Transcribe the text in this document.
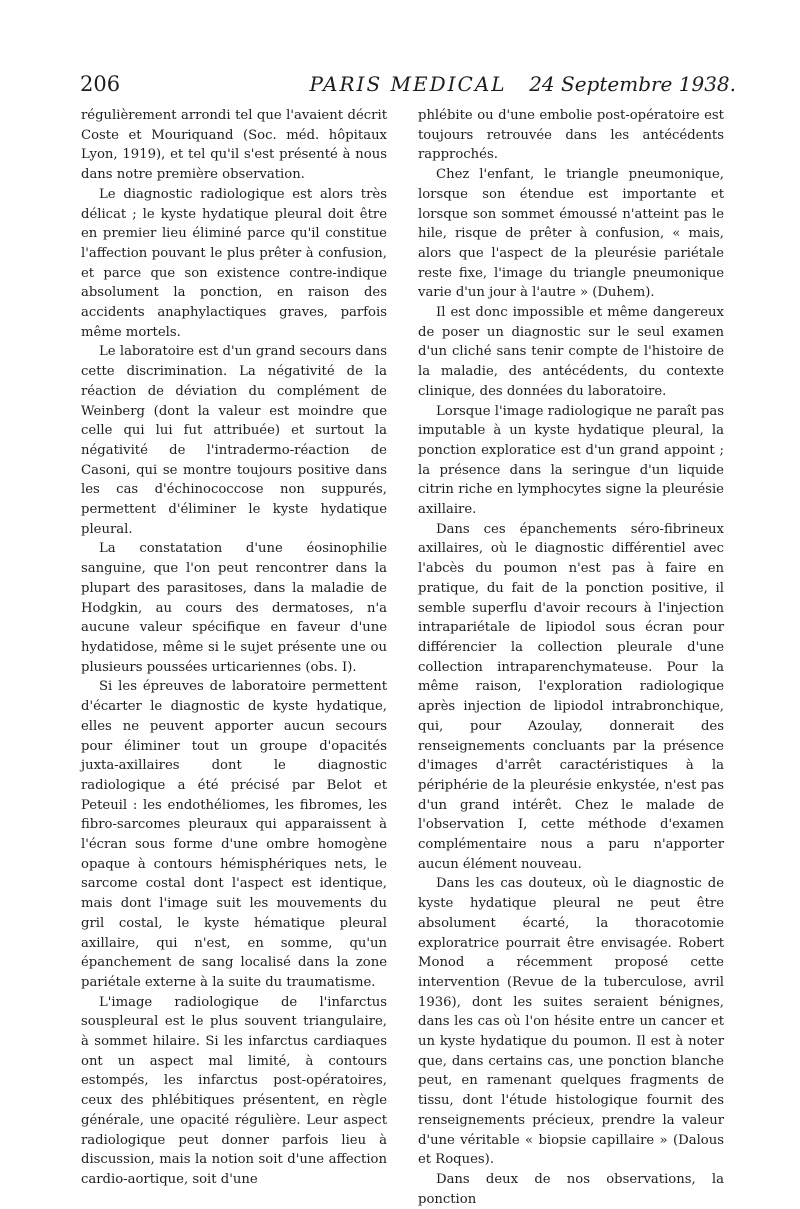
206	PARIS MEDICAL	24 Septembre 1938.

régulièrement arrondi tel que l'avaient décrit Coste et Mouriquand (Soc. méd. hôpitaux Lyon, 1919), et tel qu'il s'est présenté à nous dans notre première observation.

Le diagnostic radiologique est alors très délicat ; le kyste hydatique pleural doit être en premier lieu éliminé parce qu'il constitue l'affection pouvant le plus prêter à confusion, et parce que son existence contre-indique absolument la ponction, en raison des accidents anaphylactiques graves, parfois même mortels.

Le laboratoire est d'un grand secours dans cette discrimination. La négativité de la réaction de déviation du complément de Weinberg (dont la valeur est moindre que celle qui lui fut attribuée) et surtout la négativité de l'intradermo-réaction de Casoni, qui se montre toujours positive dans les cas d'échinococcose non suppurés, permettent d'éliminer le kyste hydatique pleural.

La constatation d'une éosinophilie sanguine, que l'on peut rencontrer dans la plupart des parasitoses, dans la maladie de Hodgkin, au cours des dermatoses, n'a aucune valeur spécifique en faveur d'une hydatidose, même si le sujet présente une ou plusieurs poussées urticariennes (obs. I).

Si les épreuves de laboratoire permettent d'écarter le diagnostic de kyste hydatique, elles ne peuvent apporter aucun secours pour éliminer tout un groupe d'opacités juxta-axillaires dont le diagnostic radiologique a été précisé par Belot et Peteuil : les endothéliomes, les fibromes, les fibro-sarcomes pleuraux qui apparaissent à l'écran sous forme d'une ombre homogène opaque à contours hémisphériques nets, le sarcome costal dont l'aspect est identique, mais dont l'image suit les mouvements du gril costal, le kyste hématique pleural axillaire, qui n'est, en somme, qu'un épanchement de sang localisé dans la zone pariétale externe à la suite du traumatisme.

L'image radiologique de l'infarctus souspleural est le plus souvent triangulaire, à sommet hilaire. Si les infarctus cardiaques ont un aspect mal limité, à contours estompés, les infarctus post-opératoires, ceux des phlébitiques présentent, en règle générale, une opacité régulière. Leur aspect radiologique peut donner parfois lieu à discussion, mais la notion soit d'une affection cardio-aortique, soit d'une

phlébite ou d'une embolie post-opératoire est toujours retrouvée dans les antécédents rapprochés.

Chez l'enfant, le triangle pneumonique, lorsque son étendue est importante et lorsque son sommet émoussé n'atteint pas le hile, risque de prêter à confusion, « mais, alors que l'aspect de la pleurésie pariétale reste fixe, l'image du triangle pneumonique varie d'un jour à l'autre » (Duhem).

Il est donc impossible et même dangereux de poser un diagnostic sur le seul examen d'un cliché sans tenir compte de l'histoire de la maladie, des antécédents, du contexte clinique, des données du laboratoire.

Lorsque l'image radiologique ne paraît pas imputable à un kyste hydatique pleural, la ponction exploratice est d'un grand appoint ; la présence dans la seringue d'un liquide citrin riche en lymphocytes signe la pleurésie axillaire.

Dans ces épanchements séro-fibrineux axillaires, où le diagnostic différentiel avec l'abcès du poumon n'est pas à faire en pratique, du fait de la ponction positive, il semble superflu d'avoir recours à l'injection intrapariétale de lipiodol sous écran pour différencier la collection pleurale d'une collection intraparenchymateuse. Pour la même raison, l'exploration radiologique après injection de lipiodol intrabronchique, qui, pour Azoulay, donnerait des renseignements concluants par la présence d'images d'arrêt caractéristiques à la périphérie de la pleurésie enkystée, n'est pas d'un grand intérêt. Chez le malade de l'observation I, cette méthode d'examen complémentaire nous a paru n'apporter aucun élément nouveau.

Dans les cas douteux, où le diagnostic de kyste hydatique pleural ne peut être absolument écarté, la thoracotomie exploratrice pourrait être envisagée. Robert Monod a récemment proposé cette intervention (Revue de la tuberculose, avril 1936), dont les suites seraient bénignes, dans les cas où l'on hésite entre un cancer et un kyste hydatique du poumon. Il est à noter que, dans certains cas, une ponction blanche peut, en ramenant quelques fragments de tissu, dont l'étude histologique fournit des renseignements précieux, prendre la valeur d'une véritable « biopsie capillaire » (Dalous et Roques).

Dans deux de nos observations, la ponction
